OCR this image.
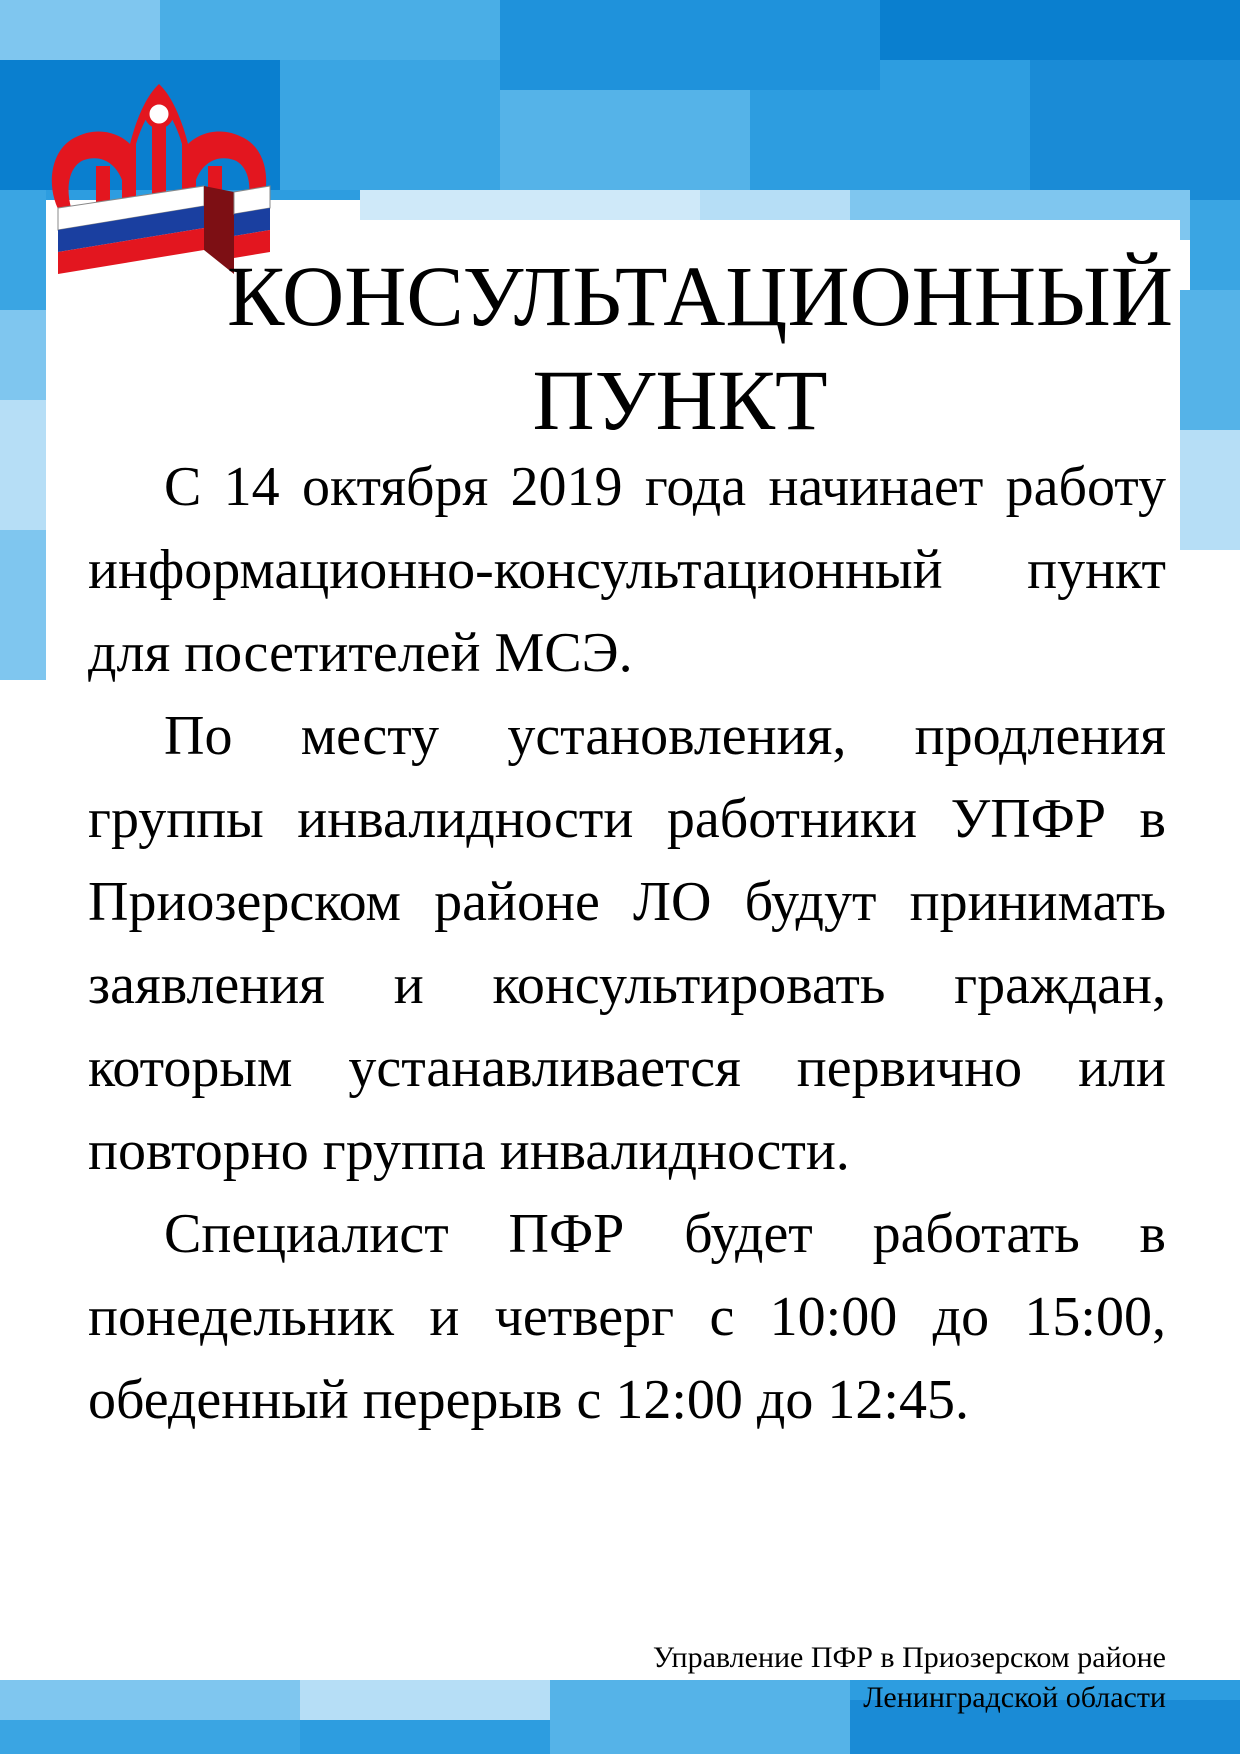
КОНСУЛЬТАЦИОННЫЙ
ПУНКТ

С 14 октября 2019 года начинает работу информационно-консультационный пункт для посетителей МСЭ.

По месту установления, продления группы инвалидности работники УПФР в Приозерском районе ЛО будут принимать заявления и консультировать граждан, которым устанавливается первично или повторно группа инвалидности.

Специалист ПФР будет работать в понедельник и четверг с 10:00 до 15:00, обеденный перерыв с 12:00 до 12:45.

Управление ПФР в Приозерском районе
Ленинградской области
